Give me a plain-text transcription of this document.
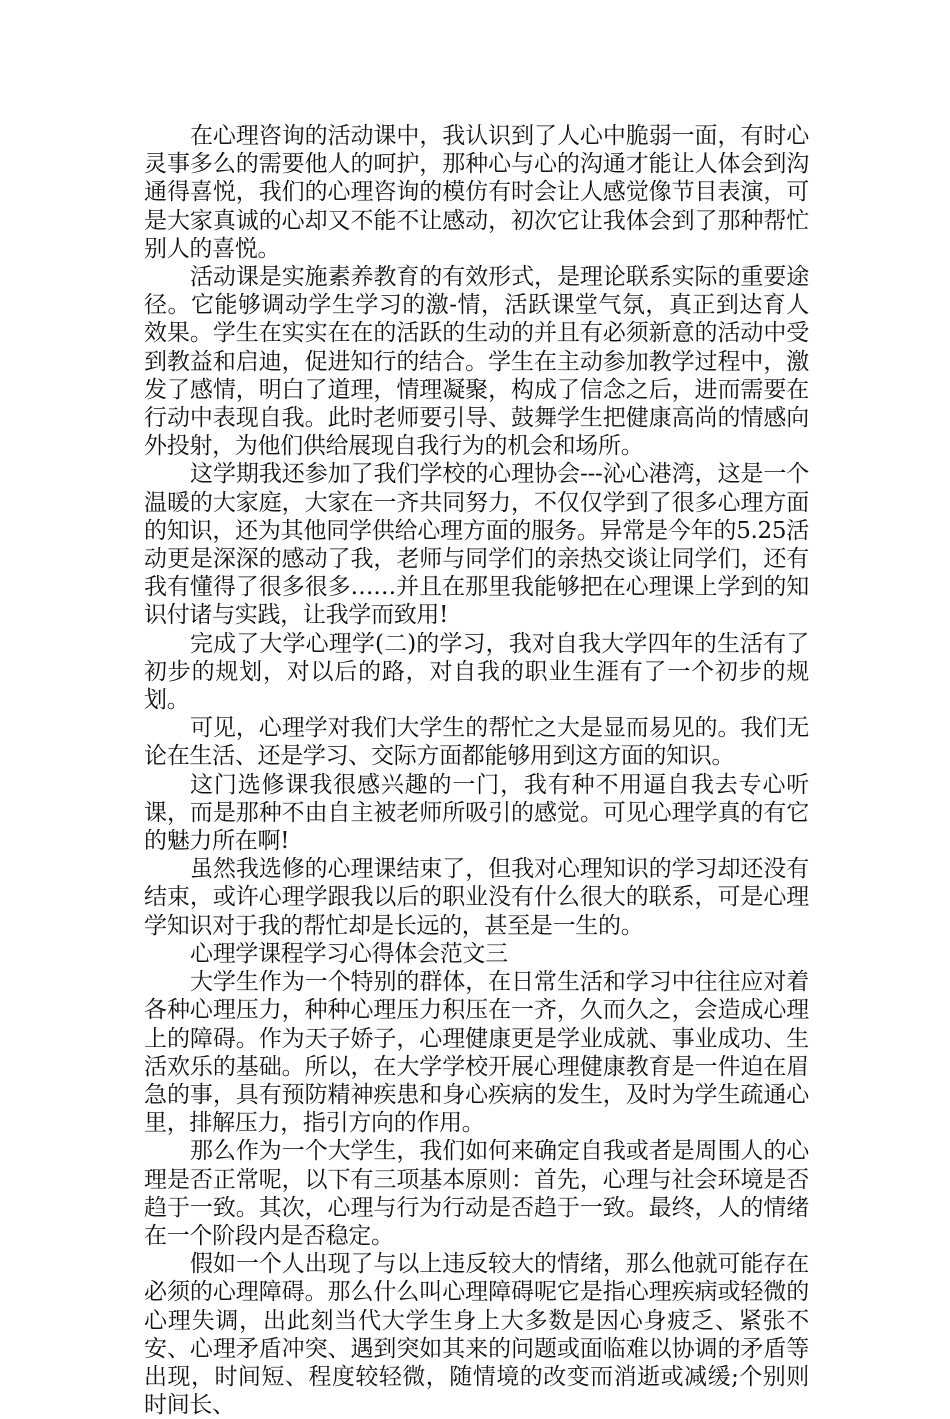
在心理咨询的活动课中，我认识到了人心中脆弱一面，有时心灵事多么的需要他人的呵护，那种心与心的沟通才能让人体会到沟通得喜悦，我们的心理咨询的模仿有时会让人感觉像节目表演，可是大家真诚的心却又不能不让感动，初次它让我体会到了那种帮忙别人的喜悦。

活动课是实施素养教育的有效形式，是理论联系实际的重要途径。它能够调动学生学习的激-情，活跃课堂气氛，真正到达育人效果。学生在实实在在的活跃的生动的并且有必须新意的活动中受到教益和启迪，促进知行的结合。学生在主动参加教学过程中，激发了感情，明白了道理，情理凝聚，构成了信念之后，进而需要在行动中表现自我。此时老师要引导、鼓舞学生把健康高尚的情感向外投射，为他们供给展现自我行为的机会和场所。

这学期我还参加了我们学校的心理协会---沁心港湾，这是一个温暖的大家庭，大家在一齐共同努力，不仅仅学到了很多心理方面的知识，还为其他同学供给心理方面的服务。异常是今年的5.25活动更是深深的感动了我，老师与同学们的亲热交谈让同学们，还有我有懂得了很多很多……并且在那里我能够把在心理课上学到的知识付诸与实践，让我学而致用!

完成了大学心理学(二)的学习，我对自我大学四年的生活有了初步的规划，对以后的路，对自我的职业生涯有了一个初步的规划。

可见，心理学对我们大学生的帮忙之大是显而易见的。我们无论在生活、还是学习、交际方面都能够用到这方面的知识。

这门选修课我很感兴趣的一门，我有种不用逼自我去专心听课，而是那种不由自主被老师所吸引的感觉。可见心理学真的有它的魅力所在啊!

虽然我选修的心理课结束了，但我对心理知识的学习却还没有结束，或许心理学跟我以后的职业没有什么很大的联系，可是心理学知识对于我的帮忙却是长远的，甚至是一生的。

心理学课程学习心得体会范文三

大学生作为一个特别的群体，在日常生活和学习中往往应对着各种心理压力，种种心理压力积压在一齐，久而久之，会造成心理上的障碍。作为天子娇子，心理健康更是学业成就、事业成功、生活欢乐的基础。所以，在大学学校开展心理健康教育是一件迫在眉急的事，具有预防精神疾患和身心疾病的发生，及时为学生疏通心里，排解压力，指引方向的作用。

那么作为一个大学生，我们如何来确定自我或者是周围人的心理是否正常呢，以下有三项基本原则：首先，心理与社会环境是否趋于一致。其次，心理与行为行动是否趋于一致。最终，人的情绪在一个阶段内是否稳定。

假如一个人出现了与以上违反较大的情绪，那么他就可能存在必须的心理障碍。那么什么叫心理障碍呢它是指心理疾病或轻微的心理失调，出此刻当代大学生身上大多数是因心身疲乏、紧张不安、心理矛盾冲突、遇到突如其来的问题或面临难以协调的矛盾等出现，时间短、程度较轻微，随情境的改变而消逝或减缓;个别则时间长、
